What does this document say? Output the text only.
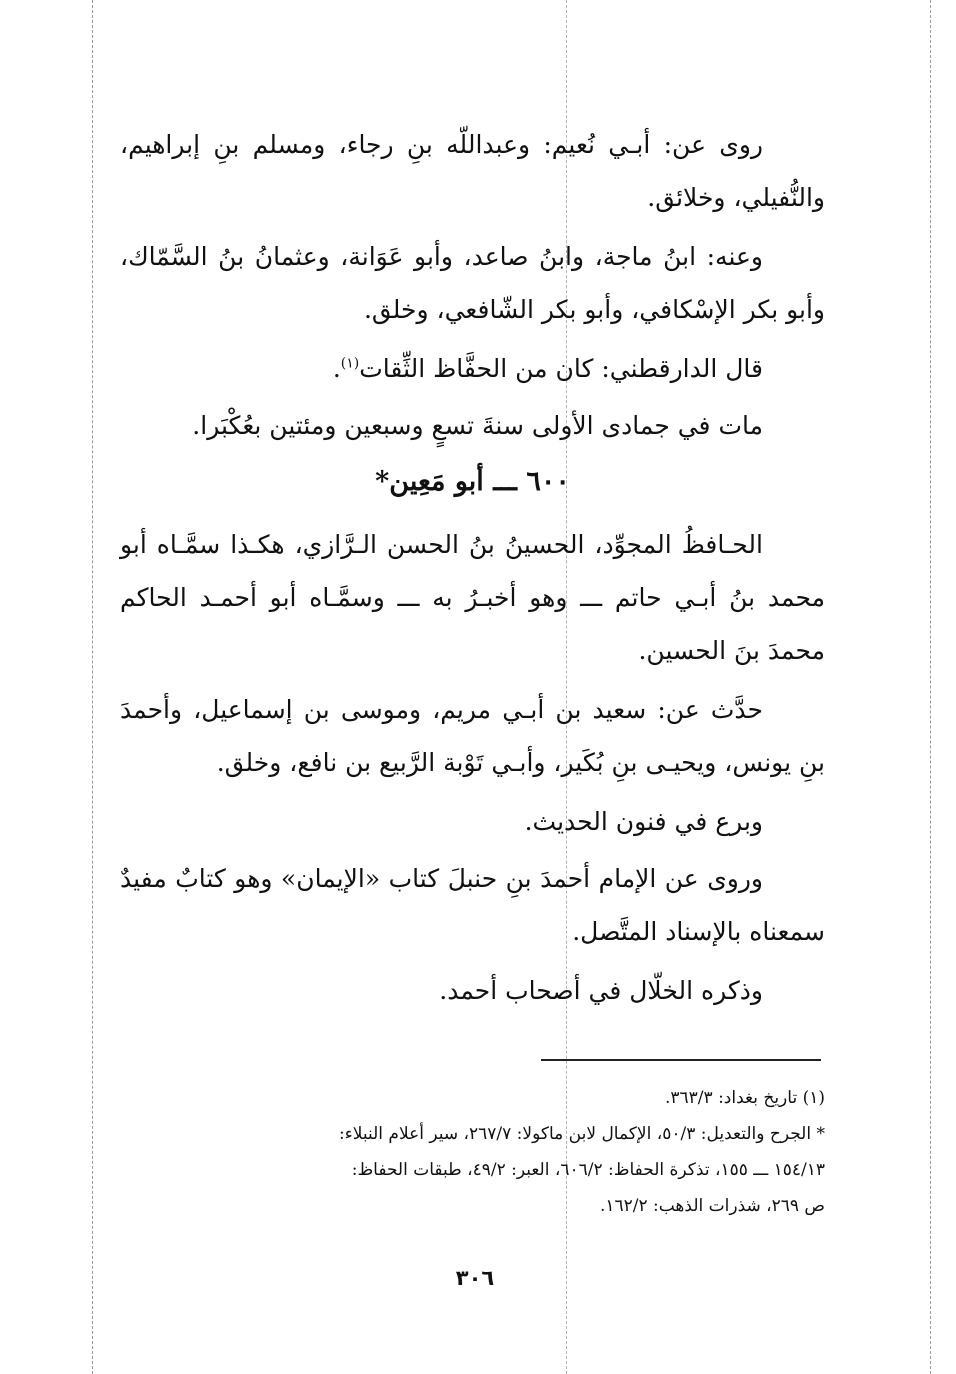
روى عن: أبـي نُعيم: وعبداللّه بنِ رجاء، ومسلم بنِ إبراهيم، والنُّفيلي، وخلائق.

وعنه: ابنُ ماجة، وابنُ صاعد، وأبو عَوَانة، وعثمانُ بنُ السَّمّاك، وأبو بكر الإسْكافي، وأبو بكر الشّافعي، وخلق.

قال الدارقطني: كان من الحفَّاظ الثِّقات$^{(١)}$.

مات في جمادى الأولى سنةَ تسعٍ وسبعين ومئتين بعُكْبَرا.

٦٠٠ ـــ أبو مَعِين*

الحـافظُ المجوِّد، الحسينُ بنُ الحسن الـرَّازي، هكـذا سمَّـاه أبو محمد بنُ أبـي حاتم ـــ وهو أخبـرُ به ـــ وسمَّـاه أبو أحمـد الحاكم محمدَ بنَ الحسين.

حدَّث عن: سعيد بن أبـي مريم، وموسى بن إسماعيل، وأحمدَ بنِ يونس، ويحيـى بنِ بُكَير، وأبـي تَوْبة الرَّبيع بن نافع، وخلق.

وبرع في فنون الحديث.

وروى عن الإمام أحمدَ بنِ حنبلَ كتاب «الإيمان» وهو كتابٌ مفيدٌ سمعناه بالإسناد المتَّصل.

وذكره الخلّال في أصحاب أحمد.

(١) تاريخ بغداد: ٣٦٣/٣.

* الجرح والتعديل: ٥٠/٣، الإكمال لابن ماكولا: ٢٦٧/٧، سير أعلام النبلاء:

١٥٤/١٣ ـــ ١٥٥، تذكرة الحفاظ: ٦٠٦/٢، العبر: ٤٩/٢، طبقات الحفاظ:

ص ٢٦٩، شذرات الذهب: ١٦٢/٢.

٣٠٦
